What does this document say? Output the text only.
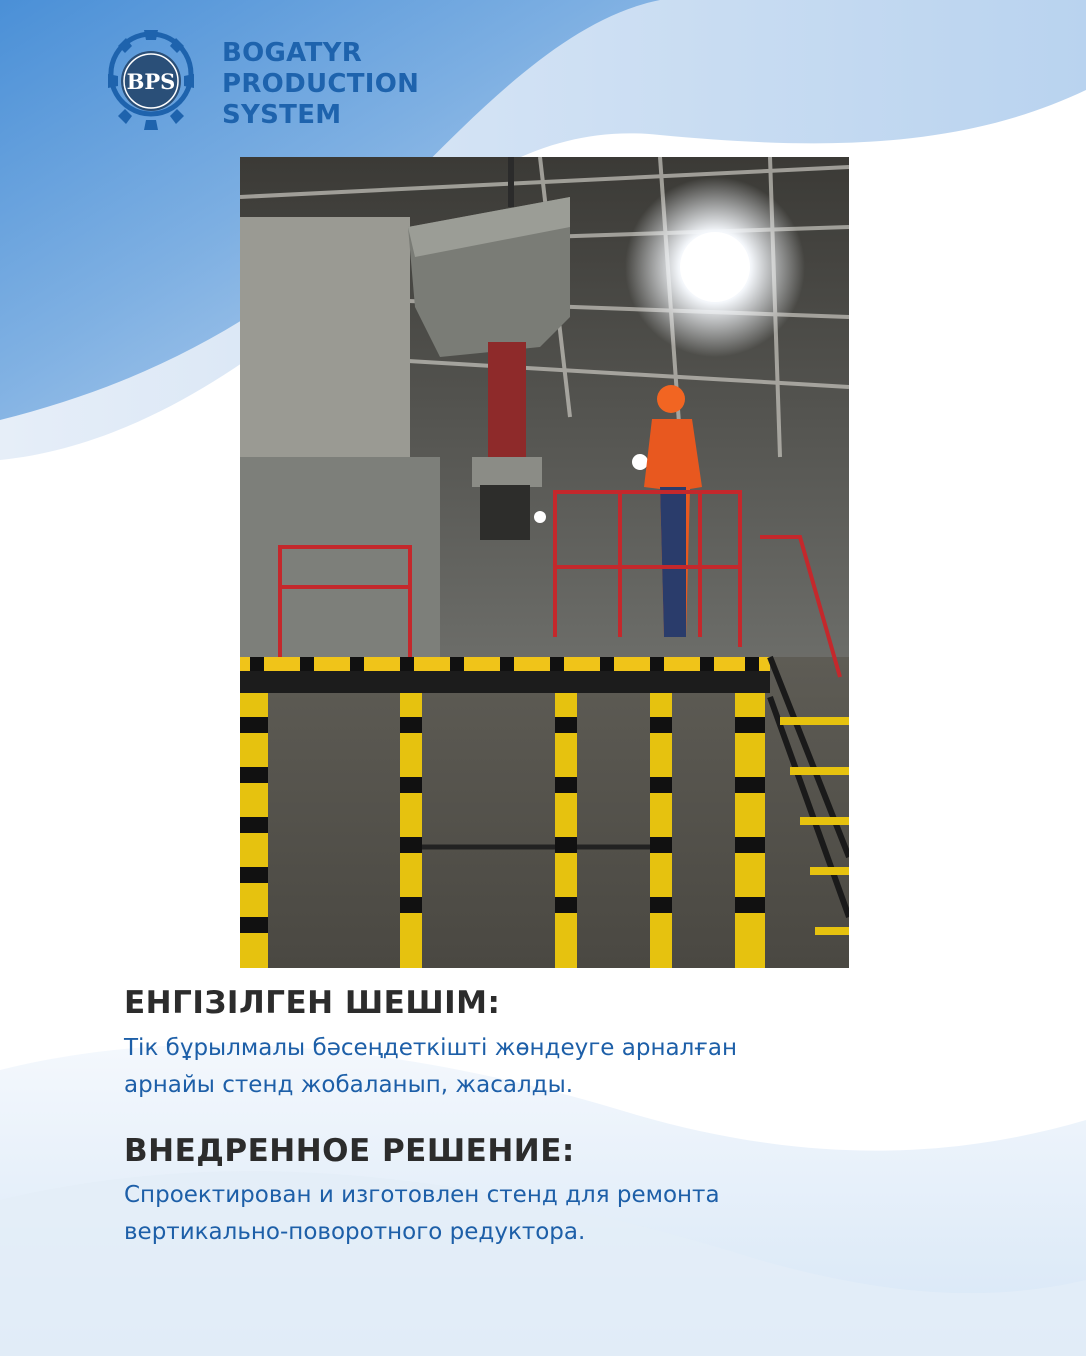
BPS
BOGATYR
PRODUCTION
SYSTEM
ЕНГІЗІЛГЕН ШЕШІМ:
Тік бұрылмалы бәсеңдеткішті жөндеуге арналған
арнайы стенд жобаланып, жасалды.
ВНЕДРЕННОЕ РЕШЕНИЕ:
Спроектирован и изготовлен стенд для ремонта
вертикально-поворотного редуктора.
